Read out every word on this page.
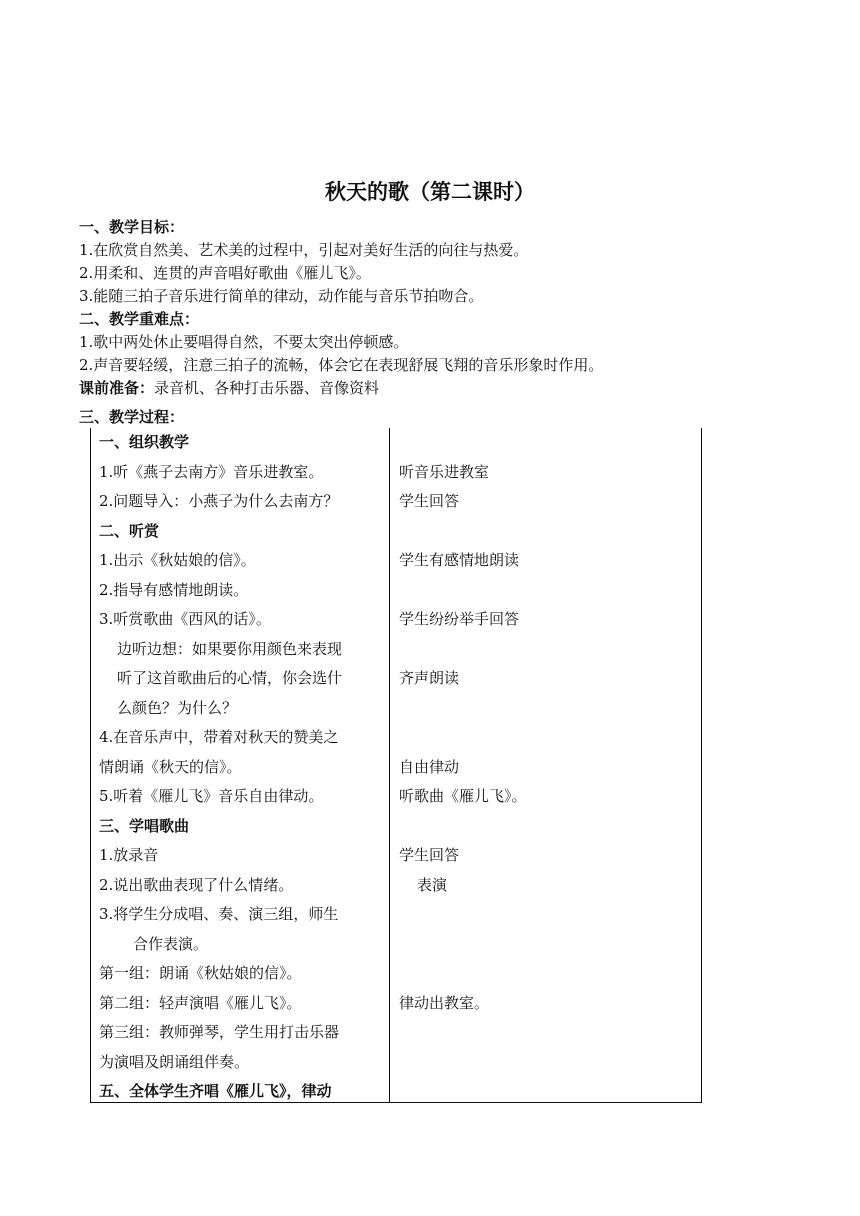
秋天的歌（第二课时）
一、教学目标：
1.在欣赏自然美、艺术美的过程中，引起对美好生活的向往与热爱。
2.用柔和、连贯的声音唱好歌曲《雁儿飞》。
3.能随三拍子音乐进行简单的律动，动作能与音乐节拍吻合。
二、教学重难点：
1.歌中两处休止要唱得自然，不要太突出停顿感。
2.声音要轻缓，注意三拍子的流畅，体会它在表现舒展飞翔的音乐形象时作用。
课前准备：录音机、各种打击乐器、音像资料
三、教学过程：
一、组织教学
1.听《燕子去南方》音乐进教室。
2.问题导入：小燕子为什么去南方？
二、听赏
1.出示《秋姑娘的信》。
2.指导有感情地朗读。
3.听赏歌曲《西风的话》。
边听边想：如果要你用颜色来表现
听了这首歌曲后的心情，你会选什
么颜色？为什么？
4.在音乐声中，带着对秋天的赞美之
情朗诵《秋天的信》。
5.听着《雁儿飞》音乐自由律动。
三、学唱歌曲
1.放录音
2.说出歌曲表现了什么情绪。
3.将学生分成唱、奏、演三组，师生
合作表演。
第一组：朗诵《秋姑娘的信》。
第二组：轻声演唱《雁儿飞》。
第三组：教师弹琴，学生用打击乐器
为演唱及朗诵组伴奏。
五、全体学生齐唱《雁儿飞》，律动
听音乐进教室
学生回答
学生有感情地朗读
学生纷纷举手回答
齐声朗读
自由律动
听歌曲《雁儿飞》。
学生回答
表演
律动出教室。
